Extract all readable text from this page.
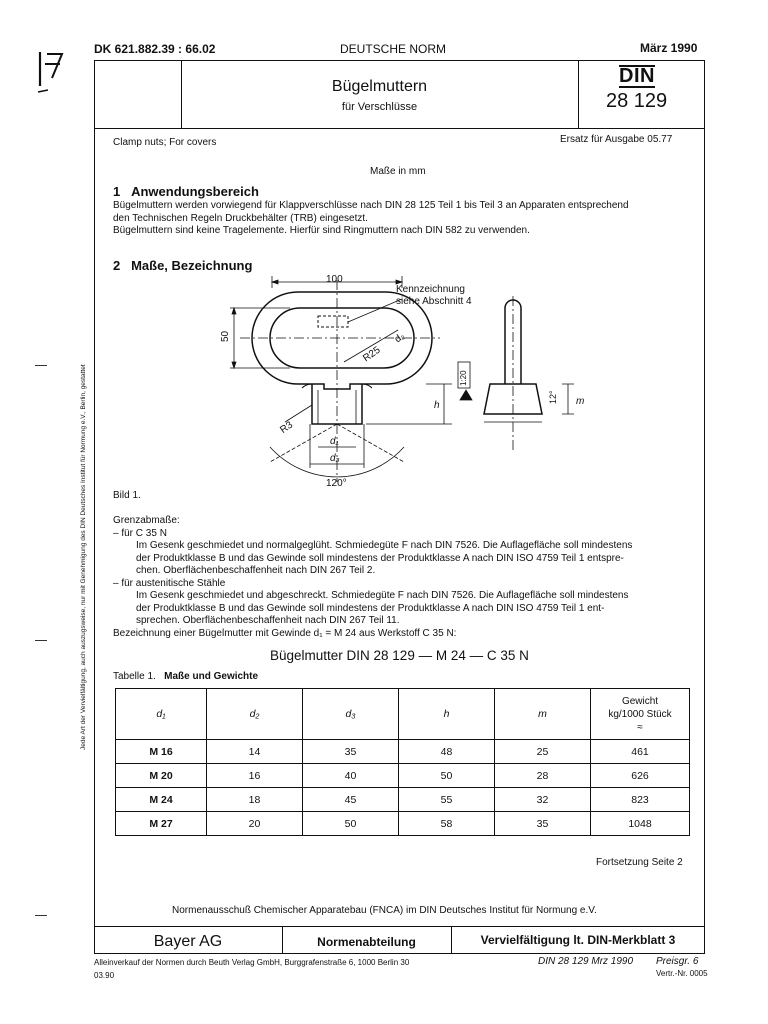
DK 621.882.39 : 66.02	DEUTSCHE NORM	März 1990
Bügelmuttern
für Verschlüsse
DIN
28 129
Clamp nuts; For covers	Ersatz für Ausgabe 05.77
Maße in mm
1 Anwendungsbereich
Bügelmuttern werden vorwiegend für Klappverschlüsse nach DIN 28 125 Teil 1 bis Teil 3 an Apparaten entsprechend
den Technischen Regeln Druckbehälter (TRB) eingesetzt.
Bügelmuttern sind keine Tragelemente. Hierfür sind Ringmuttern nach DIN 582 zu verwenden.
2 Maße, Bezeichnung
100
Kennzeichnung
siehe Abschnitt 4
50
R25
d₂
R3
h
d₁
d₃
120°
1:20
12° m
Bild 1.
Grenzabmaße:
– für C 35 N
Im Gesenk geschmiedet und normalgeglüht. Schmiedegüte F nach DIN 7526. Die Auflagefläche soll mindestens
der Produktklasse B und das Gewinde soll mindestens der Produktklasse A nach DIN ISO 4759 Teil 1 entspre-
chen. Oberflächenbeschaffenheit nach DIN 267 Teil 2.
– für austenitische Stähle
Im Gesenk geschmiedet und abgeschreckt. Schmiedegüte F nach DIN 7526. Die Auflagefläche soll mindestens
der Produktklasse B und das Gewinde soll mindestens der Produktklasse A nach DIN ISO 4759 Teil 1 ent-
sprechen. Oberflächenbeschaffenheit nach DIN 267 Teil 11.
Bezeichnung einer Bügelmutter mit Gewinde d₁ = M 24 aus Werkstoff C 35 N:
Bügelmutter DIN 28 129 — M 24 — C 35 N
Tabelle 1. Maße und Gewichte
d₁	d₂	d₃	h	m	Gewicht
kg/1000 Stück
≈

M 16	14	35	48	25	461
M 20	16	40	50	28	626
M 24	18	45	55	32	823
M 27	20	50	58	35	1048
Fortsetzung Seite 2
Normenausschuß Chemischer Apparatebau (FNCA) im DIN Deutsches Institut für Normung e.V.
Bayer AG	Normenabteilung	Vervielfältigung lt. DIN-Merkblatt 3
Alleinverkauf der Normen durch Beuth Verlag GmbH, Burggrafenstraße 6, 1000 Berlin 30
03.90
DIN 28 129 Mrz 1990 Preisgr. 6
Vertr.-Nr. 0005
Jede Art der Vervielfältigung, auch auszugsweise, nur mit Genehmigung des DIN Deutsches Institut für Normung e.V., Berlin, gestattet
